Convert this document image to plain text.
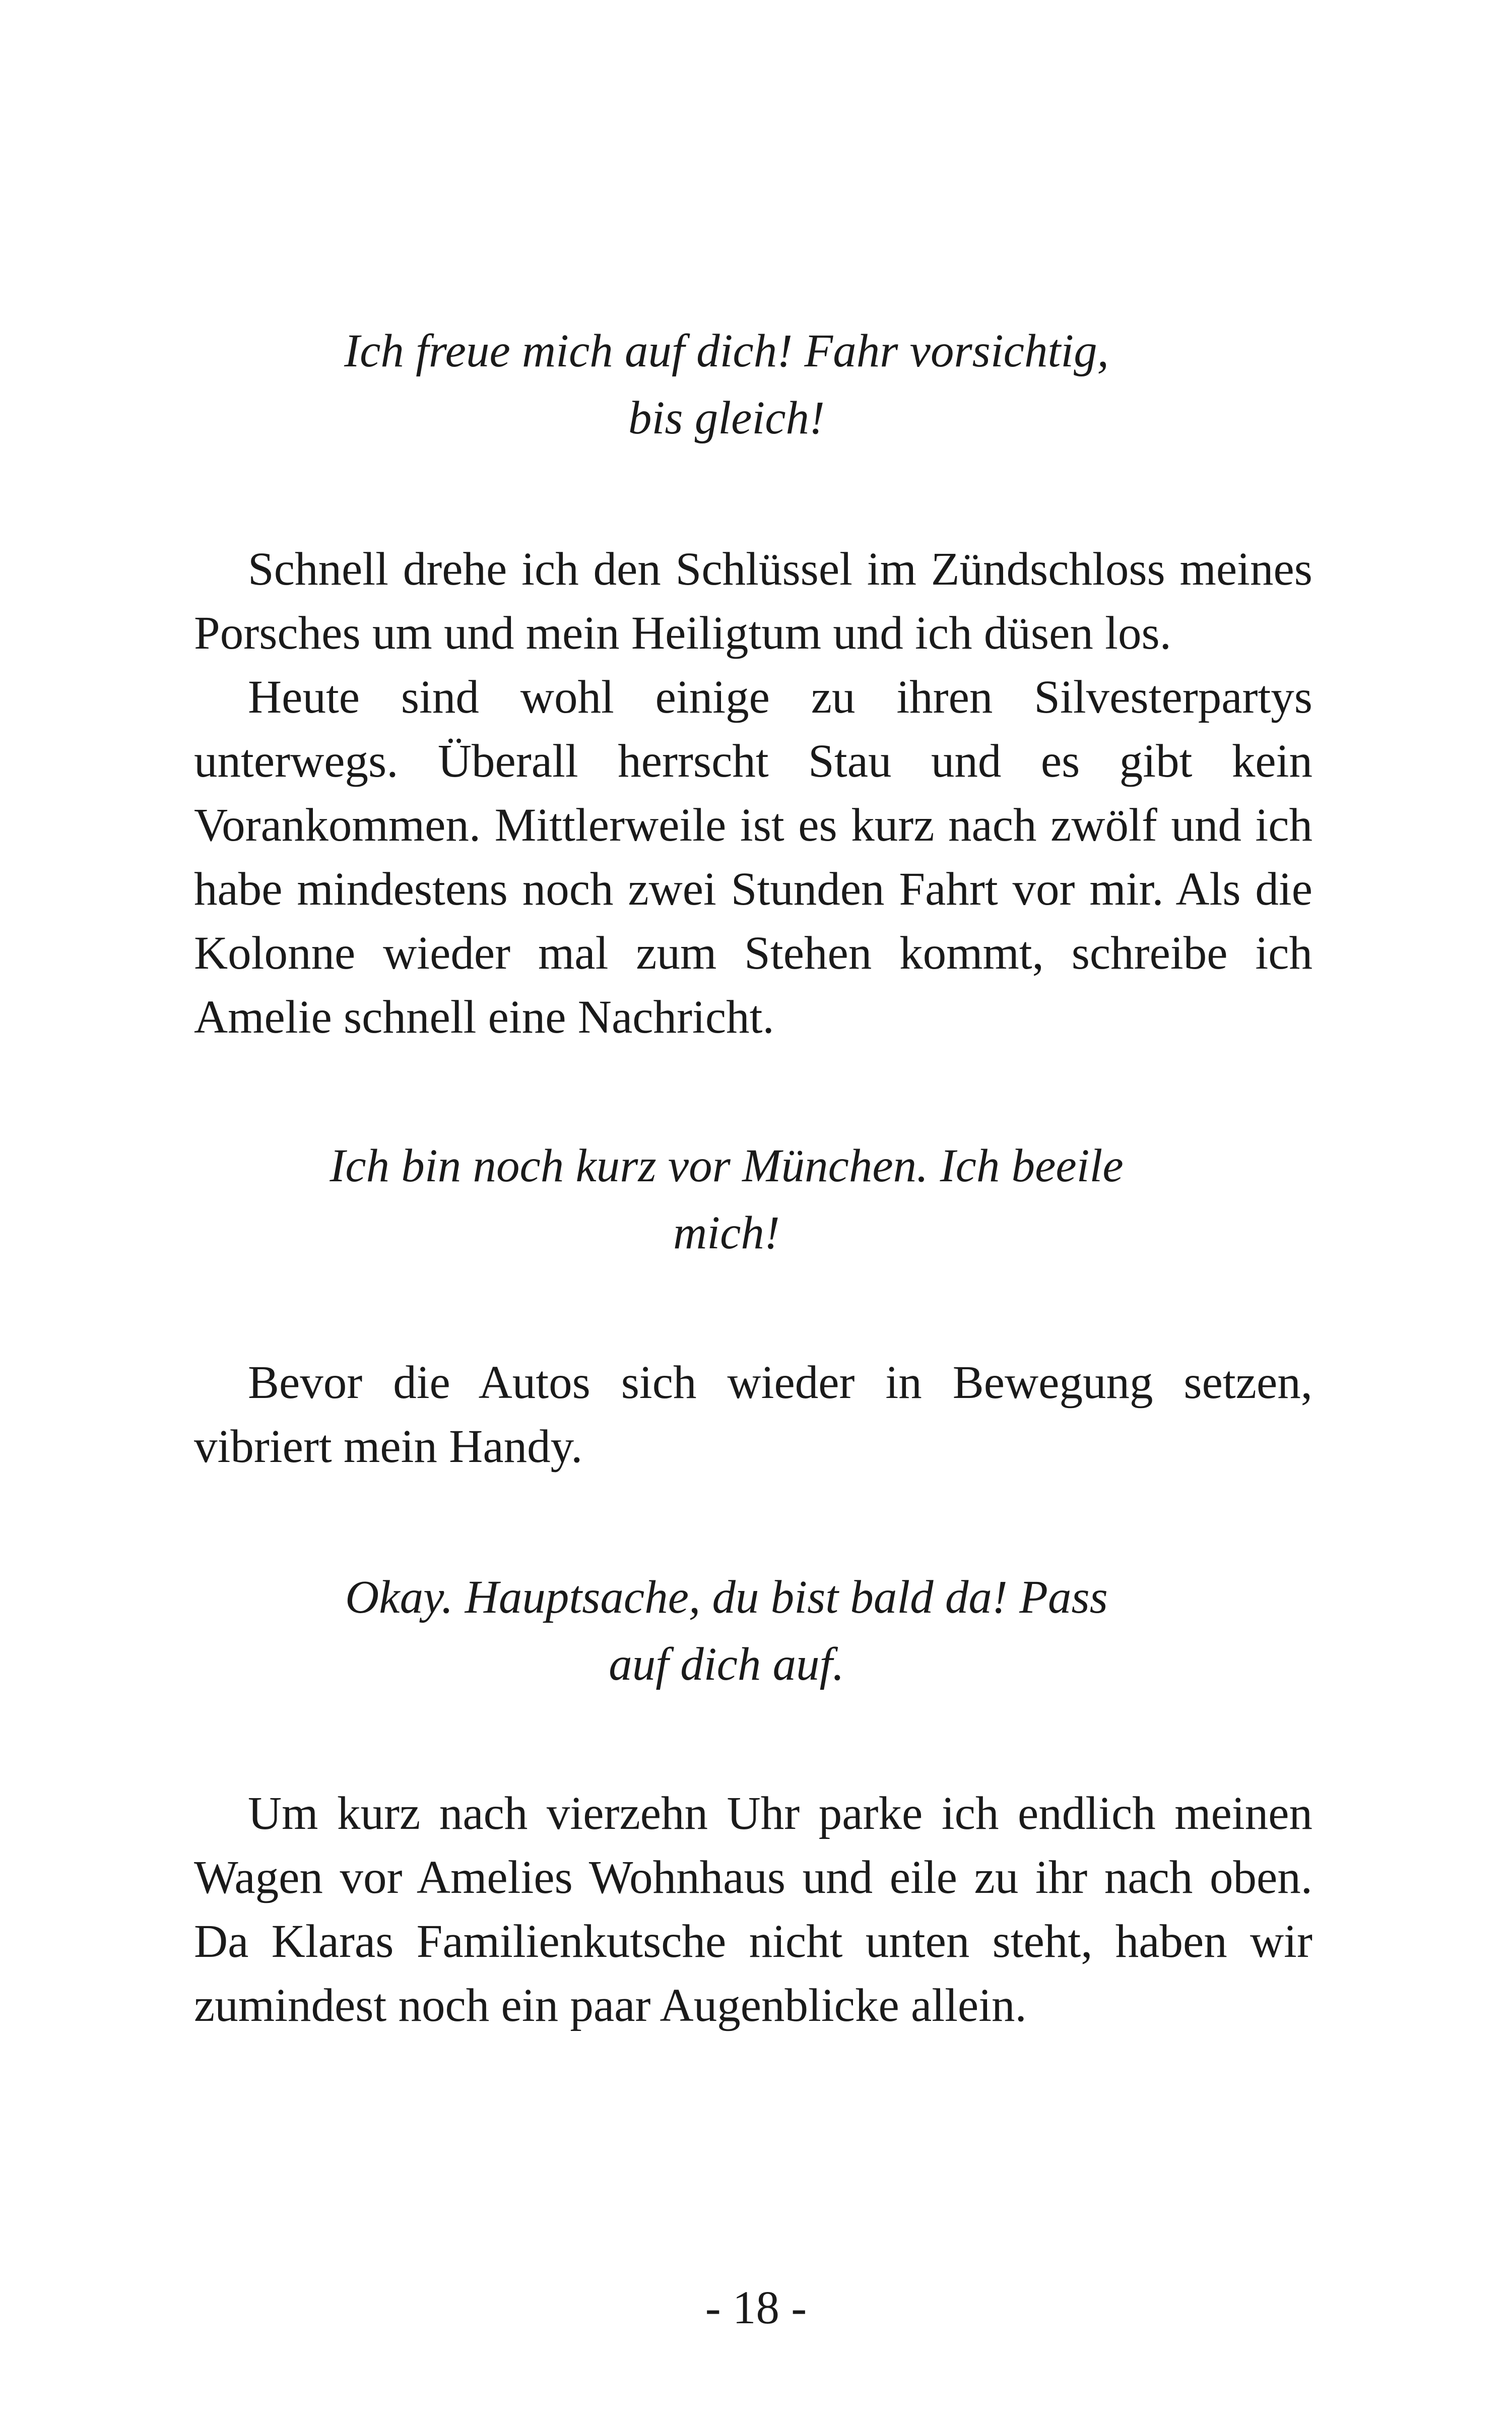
Ich freue mich auf dich! Fahr vorsichtig,
bis gleich!
Schnell drehe ich den Schlüssel im Zündschloss meines
Porsches um und mein Heiligtum und ich düsen los.
Heute sind wohl einige zu ihren Silvesterpartys
unterwegs. Überall herrscht Stau und es gibt kein
Vorankommen. Mittlerweile ist es kurz nach zwölf und ich
habe mindestens noch zwei Stunden Fahrt vor mir. Als die
Kolonne wieder mal zum Stehen kommt, schreibe ich
Amelie schnell eine Nachricht.
Ich bin noch kurz vor München. Ich beeile
mich!
Bevor die Autos sich wieder in Bewegung setzen,
vibriert mein Handy.
Okay. Hauptsache, du bist bald da! Pass
auf dich auf.
Um kurz nach vierzehn Uhr parke ich endlich meinen
Wagen vor Amelies Wohnhaus und eile zu ihr nach oben.
Da Klaras Familienkutsche nicht unten steht, haben wir
zumindest noch ein paar Augenblicke allein.
- 18 -
